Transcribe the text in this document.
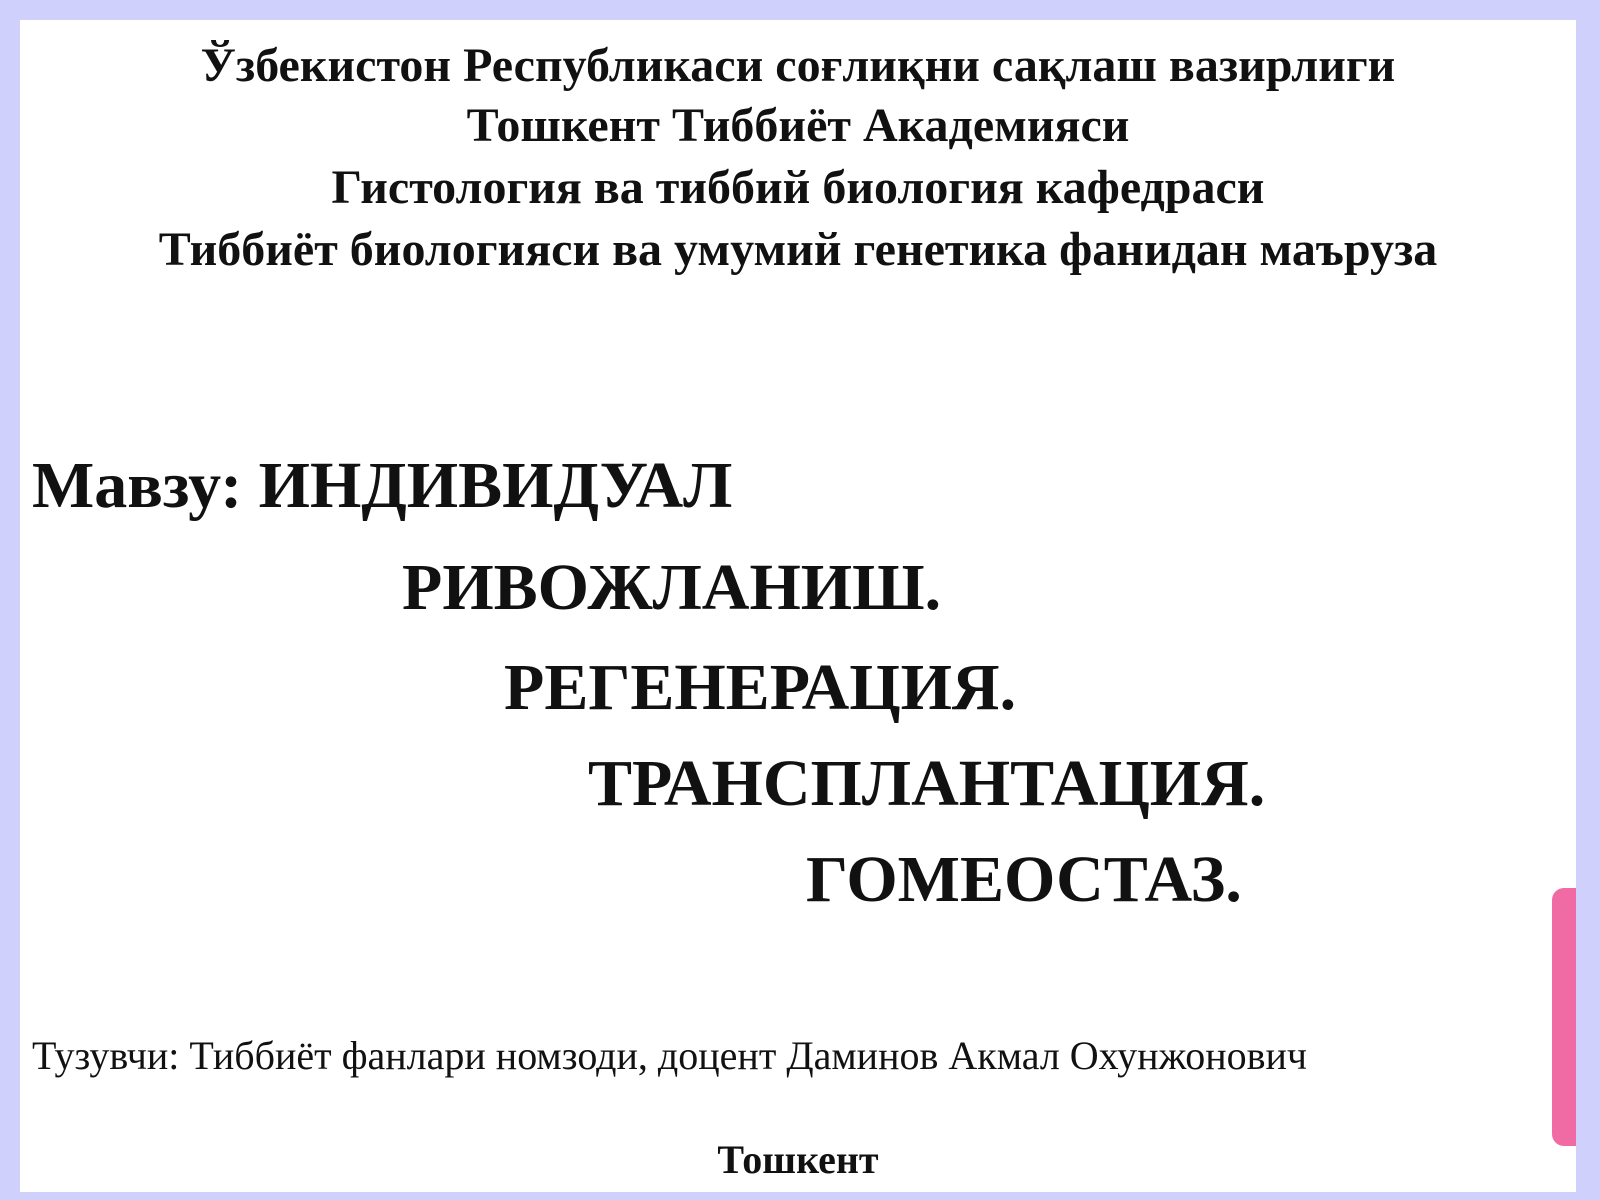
Ўзбекистон Республикаси соғлиқни сақлаш вазирлиги
Тошкент Тиббиёт Академияси
Гистология ва тиббий биология кафедраси
Тиббиёт биологияси ва умумий генетика фанидан маъруза
Мавзу: ИНДИВИДУАЛ
РИВОЖЛАНИШ.
РЕГЕНЕРАЦИЯ.
ТРАНСПЛАНТАЦИЯ.
ГОМЕОСТАЗ.
Тузувчи: Тиббиёт фанлари номзоди, доцент Даминов Акмал Охунжонович
Тошкент
